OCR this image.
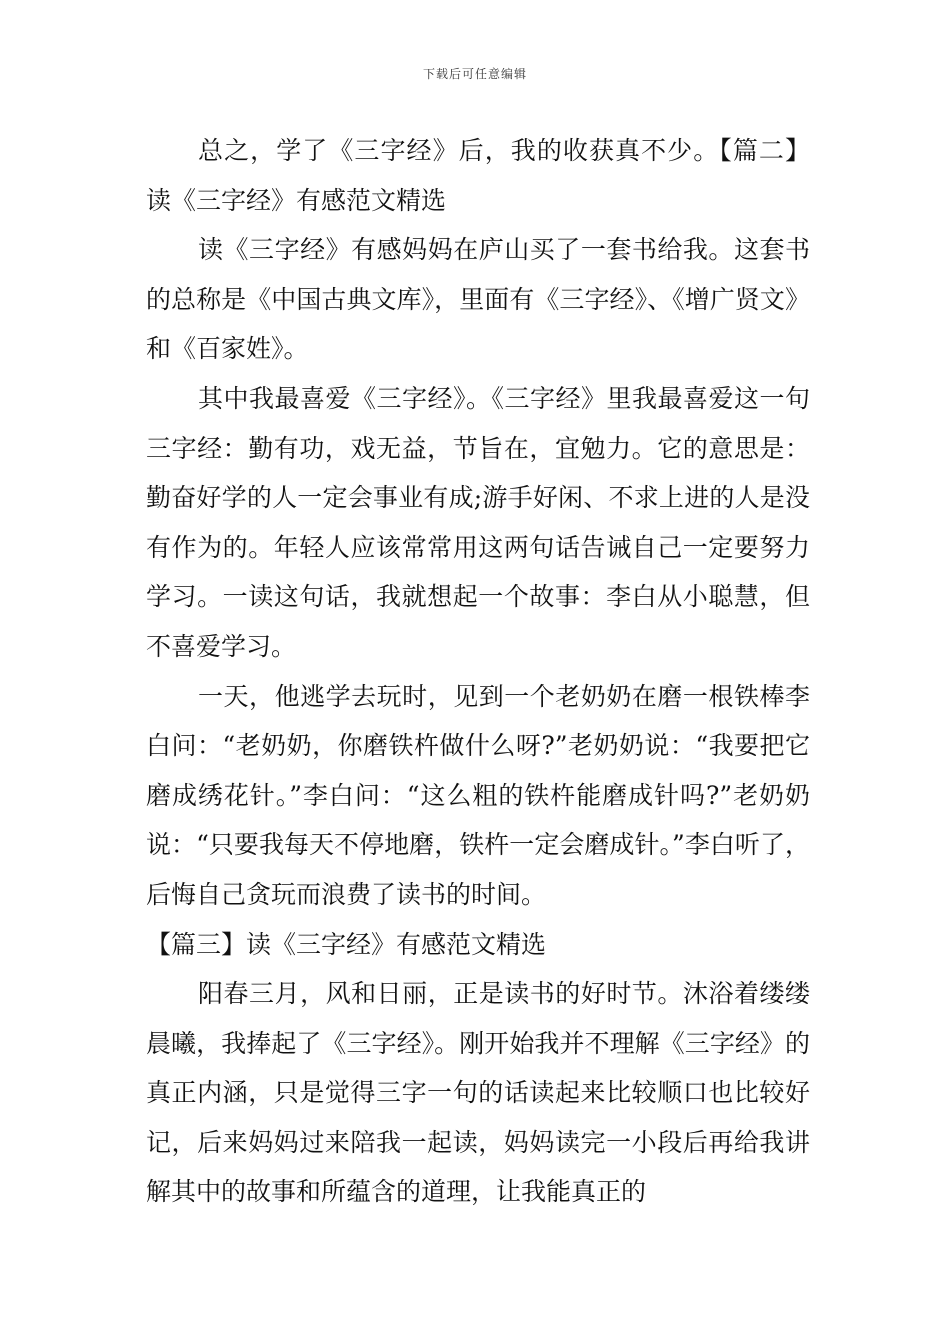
下载后可任意编辑

总之，学了《三字经》后，我的收获真不少。【篇二】读《三字经》有感范文精选

读《三字经》有感妈妈在庐山买了一套书给我。这套书的总称是《中国古典文库》，里面有《三字经》、《增广贤文》和《百家姓》。

其中我最喜爱《三字经》。《三字经》里我最喜爱这一句三字经：勤有功，戏无益，节旨在，宜勉力。它的意思是：勤奋好学的人一定会事业有成;游手好闲、不求上进的人是没有作为的。年轻人应该常常用这两句话告诫自己一定要努力学习。一读这句话，我就想起一个故事：李白从小聪慧，但不喜爱学习。

一天，他逃学去玩时，见到一个老奶奶在磨一根铁棒李白问：“老奶奶，你磨铁杵做什么呀?”老奶奶说：“我要把它磨成绣花针。”李白问：“这么粗的铁杵能磨成针吗?”老奶奶说：“只要我每天不停地磨，铁杵一定会磨成针。”李白听了，后悔自己贪玩而浪费了读书的时间。

【篇三】读《三字经》有感范文精选

阳春三月，风和日丽，正是读书的好时节。沐浴着缕缕晨曦，我捧起了《三字经》。刚开始我并不理解《三字经》的真正内涵，只是觉得三字一句的话读起来比较顺口也比较好记，后来妈妈过来陪我一起读，妈妈读完一小段后再给我讲解其中的故事和所蕴含的道理，让我能真正的
